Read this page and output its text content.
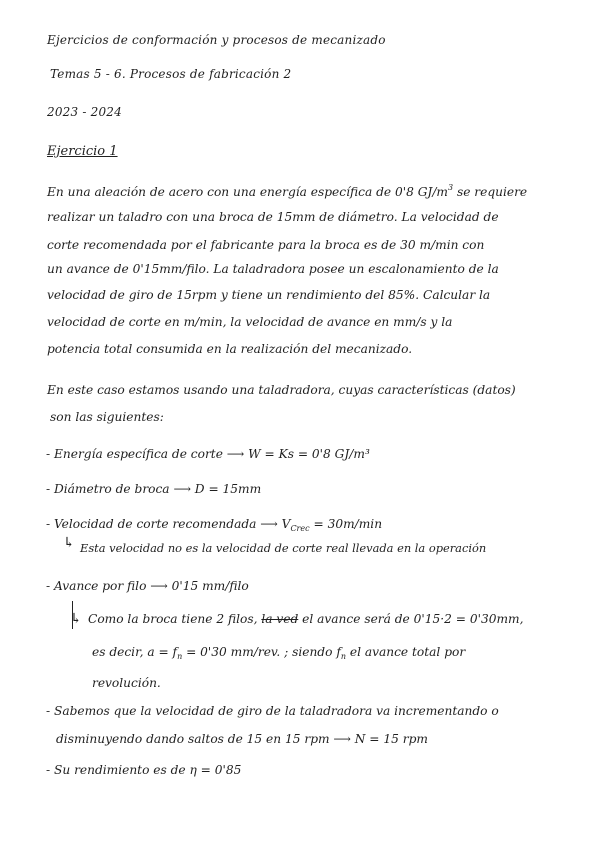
Ejercicios de conformación y procesos de mecanizado
Temas 5 - 6. Procesos de fabricación 2
2023 - 2024
Ejercicio 1
En una aleación de acero con una energía específica de 0'8 $GJ/m^3$ se requiere
realizar un taladro con una broca de 15mm de diámetro. La velocidad de
corte recomendada por el fabricante para la broca es de 30 m/min con
un avance de 0'15mm/filo. La taladradora posee un escalonamiento de la
velocidad de giro de 15rpm y tiene un rendimiento del 85%. Calcular la
velocidad de corte en m/min, la velocidad de avance en mm/s y la
potencia total consumida en la realización del mecanizado.
En este caso estamos usando una taladradora, cuyas características (datos)
son las siguientes:
- Energía específica de corte ⟶ W = Ks = 0'8 GJ/m³
- Diámetro de broca ⟶ D = 15mm
- Velocidad de corte recomendada ⟶ $V_{Crec} = 30m/\min$
↳ Esta velocidad no es la velocidad de corte real llevada en la operación
- Avance por filo ⟶ 0'15 mm/filo
↳ Como la broca tiene 2 filos, la ved el avance será de 0'15·2 = 0'30mm,
es decir, $a = f_n = 0'30$ mm/rev. ; siendo $f_n$ el avance total por
revolución.
- Sabemos que la velocidad de giro de la taladradora va incrementando o
disminuyendo dando saltos de 15 en 15 rpm ⟶ N = 15 rpm
- Su rendimiento es de η = 0'85
